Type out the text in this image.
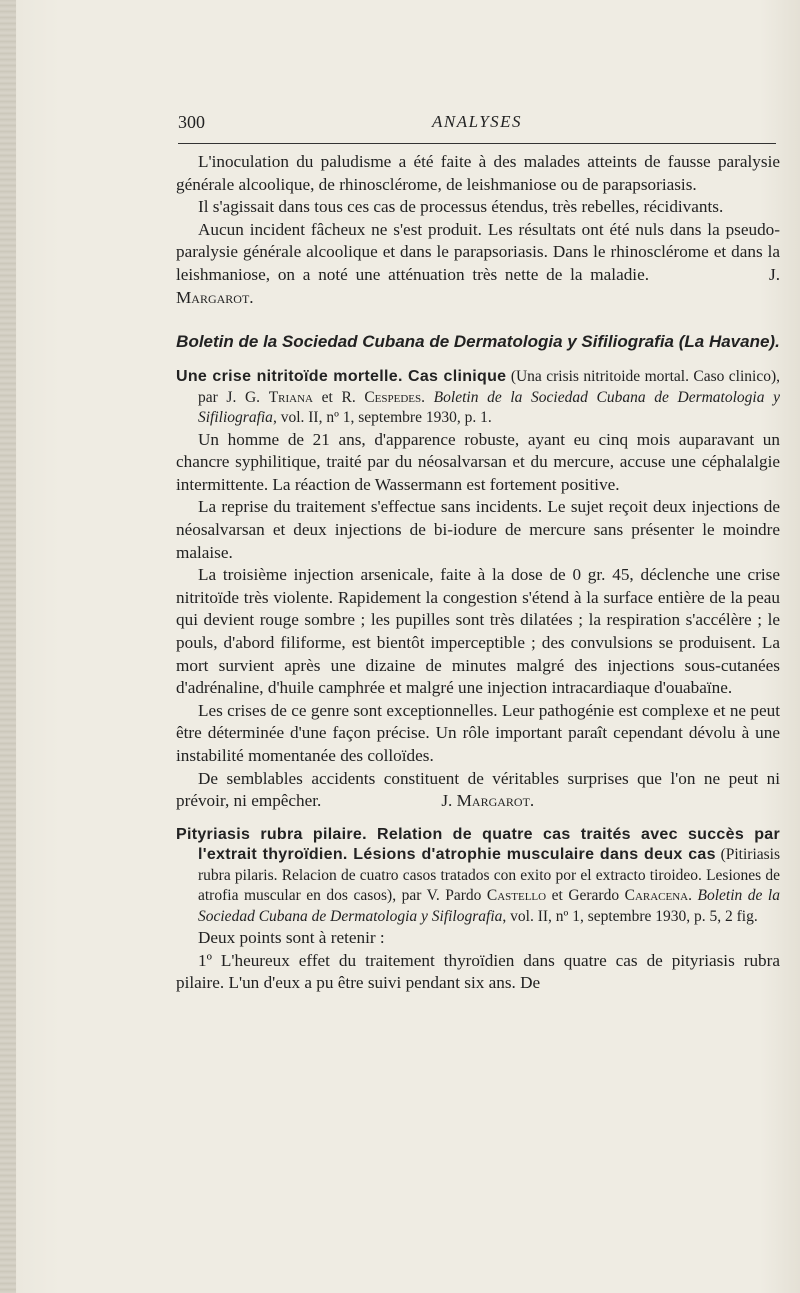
300	ANALYSES

L'inoculation du paludisme a été faite à des malades atteints de fausse paralysie générale alcoolique, de rhinosclérome, de leishmaniose ou de parapsoriasis.

Il s'agissait dans tous ces cas de processus étendus, très rebelles, récidivants.

Aucun incident fâcheux ne s'est produit. Les résultats ont été nuls dans la pseudo-paralysie générale alcoolique et dans le parapsoriasis. Dans le rhinosclérome et dans la leishmaniose, on a noté une atténuation très nette de la maladie.	J. Margarot.

Boletin de la Sociedad Cubana de Dermatologia y Sifiliografia (La Havane).
Une crise nitritoïde mortelle. Cas clinique (Una crisis nitritoide mortal. Caso clinico), par J. G. Triana et R. Cespedes. Boletin de la Sociedad Cubana de Dermatologia y Sifiliografia, vol. II, nº 1, septembre 1930, p. 1.

Un homme de 21 ans, d'apparence robuste, ayant eu cinq mois auparavant un chancre syphilitique, traité par du néosalvarsan et du mercure, accuse une céphalalgie intermittente. La réaction de Wassermann est fortement positive.

La reprise du traitement s'effectue sans incidents. Le sujet reçoit deux injections de néosalvarsan et deux injections de bi-iodure de mercure sans présenter le moindre malaise.

La troisième injection arsenicale, faite à la dose de 0 gr. 45, déclenche une crise nitritoïde très violente. Rapidement la congestion s'étend à la surface entière de la peau qui devient rouge sombre ; les pupilles sont très dilatées ; la respiration s'accélère ; le pouls, d'abord filiforme, est bientôt imperceptible ; des convulsions se produisent. La mort survient après une dizaine de minutes malgré des injections sous-cutanées d'adrénaline, d'huile camphrée et malgré une injection intracardiaque d'ouabaïne.

Les crises de ce genre sont exceptionnelles. Leur pathogénie est complexe et ne peut être déterminée d'une façon précise. Un rôle important paraît cependant dévolu à une instabilité momentanée des colloïdes.

De semblables accidents constituent de véritables surprises que l'on ne peut ni prévoir, ni empêcher.	J. Margarot.

Pityriasis rubra pilaire. Relation de quatre cas traités avec succès par l'extrait thyroïdien. Lésions d'atrophie musculaire dans deux cas (Pitiriasis rubra pilaris. Relacion de cuatro casos tratados con exito por el extracto tiroideo. Lesiones de atrofia muscular en dos casos), par V. Pardo Castello et Gerardo Caracena. Boletin de la Sociedad Cubana de Dermatologia y Sifilografia, vol. II, nº 1, septembre 1930, p. 5, 2 fig.

Deux points sont à retenir :

1º L'heureux effet du traitement thyroïdien dans quatre cas de pityriasis rubra pilaire. L'un d'eux a pu être suivi pendant six ans. De
